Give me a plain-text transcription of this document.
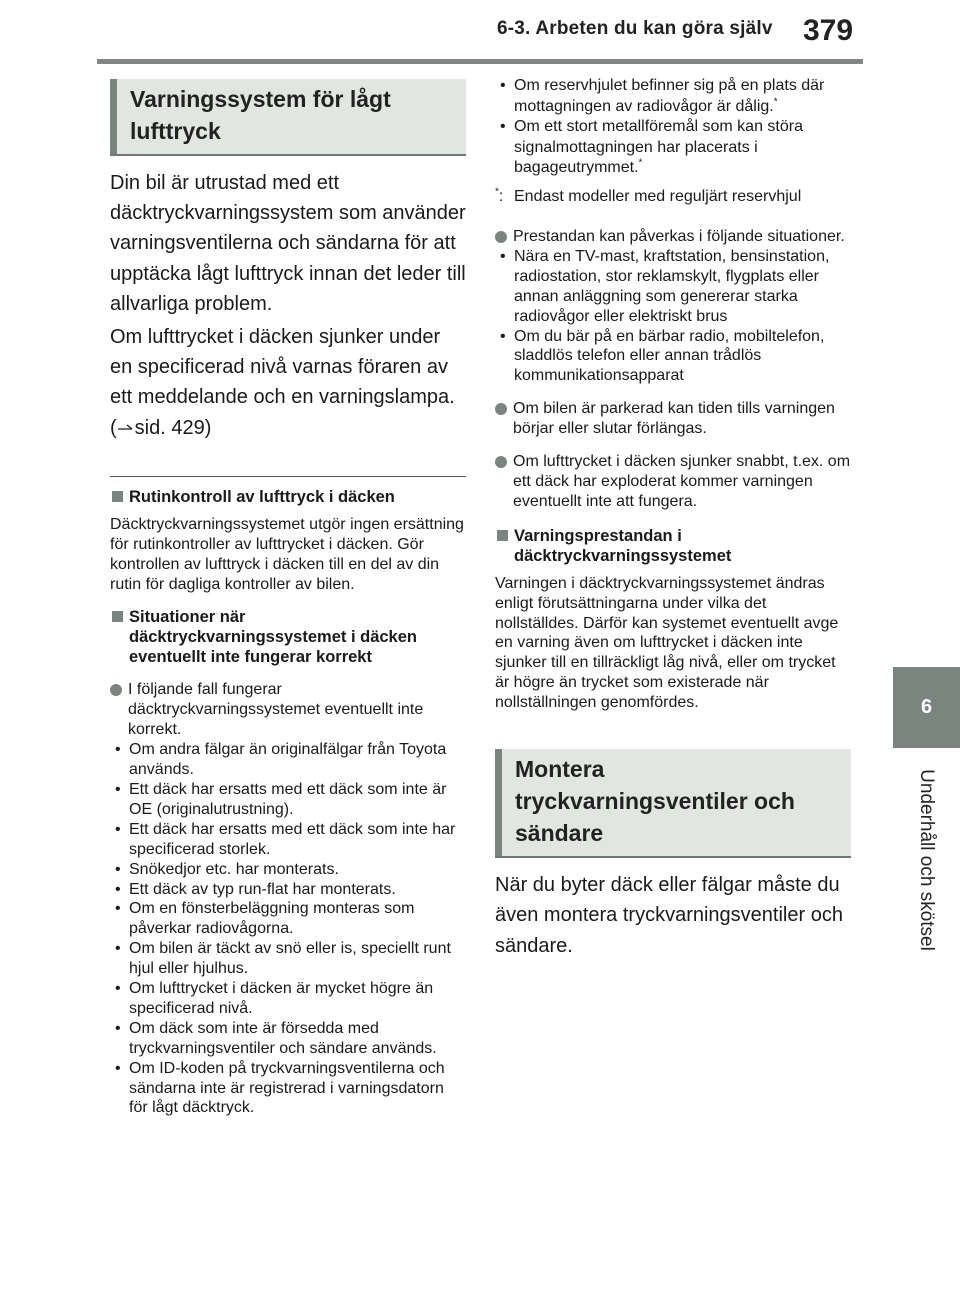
6-3. Arbeten du kan göra själv 379
6
Underhåll och skötsel
Varningssystem för lågt lufttryck

Din bil är utrustad med ett däcktryckvarningssystem som använder varningsventilerna och sändarna för att upptäcka lågt lufttryck innan det leder till allvarliga problem.

Om lufttrycket i däcken sjunker under en specificerad nivå varnas föraren av ett meddelande och en varningslampa. ( sid. 429)

Rutinkontroll av lufttryck i däcken

Däcktryckvarningssystemet utgör ingen ersättning för rutinkontroller av lufttrycket i däcken. Gör kontrollen av lufttryck i däcken till en del av din rutin för dagliga kontroller av bilen.

Situationer när däcktryckvarningssystemet i däcken eventuellt inte fungerar korrekt
I följande fall fungerar däcktryckvarningssystemet eventuellt inte korrekt.
• Om andra fälgar än originalfälgar från Toyota används.
• Ett däck har ersatts med ett däck som inte är OE (originalutrustning).
• Ett däck har ersatts med ett däck som inte har specificerad storlek.
• Snökedjor etc. har monterats.
• Ett däck av typ run-flat har monterats.
• Om en fönsterbeläggning monteras som påverkar radiovågorna.
• Om bilen är täckt av snö eller is, speciellt runt hjul eller hjulhus.
• Om lufttrycket i däcken är mycket högre än specificerad nivå.
• Om däck som inte är försedda med tryckvarningsventiler och sändare används.
• Om ID-koden på tryckvarningsventilerna och sändarna inte är registrerad i varningsdatorn för lågt däcktryck.
• Om reservhjulet befinner sig på en plats där mottagningen av radiovågor är dålig.*
• Om ett stort metallföremål som kan störa signalmottagningen har placerats i bagageutrymmet.*
*: Endast modeller med reguljärt reservhjul
Prestandan kan påverkas i följande situationer.
• Nära en TV-mast, kraftstation, bensinstation, radiostation, stor reklamskylt, flygplats eller annan anläggning som genererar starka radiovågor eller elektriskt brus
• Om du bär på en bärbar radio, mobiltelefon, sladdlös telefon eller annan trådlös kommunikationsapparat
Om bilen är parkerad kan tiden tills varningen börjar eller slutar förlängas.
Om lufttrycket i däcken sjunker snabbt, t.ex. om ett däck har exploderat kommer varningen eventuellt inte att fungera.
Varningsprestandan i däcktryckvarningssystemet

Varningen i däcktryckvarningssystemet ändras enligt förutsättningarna under vilka det nollställdes. Därför kan systemet eventuellt avge en varning även om lufttrycket i däcken inte sjunker till en tillräckligt låg nivå, eller om trycket är högre än trycket som existerade när nollställningen genomfördes.

Montera tryckvarningsventiler och sändare

När du byter däck eller fälgar måste du även montera tryckvarningsventiler och sändare.
